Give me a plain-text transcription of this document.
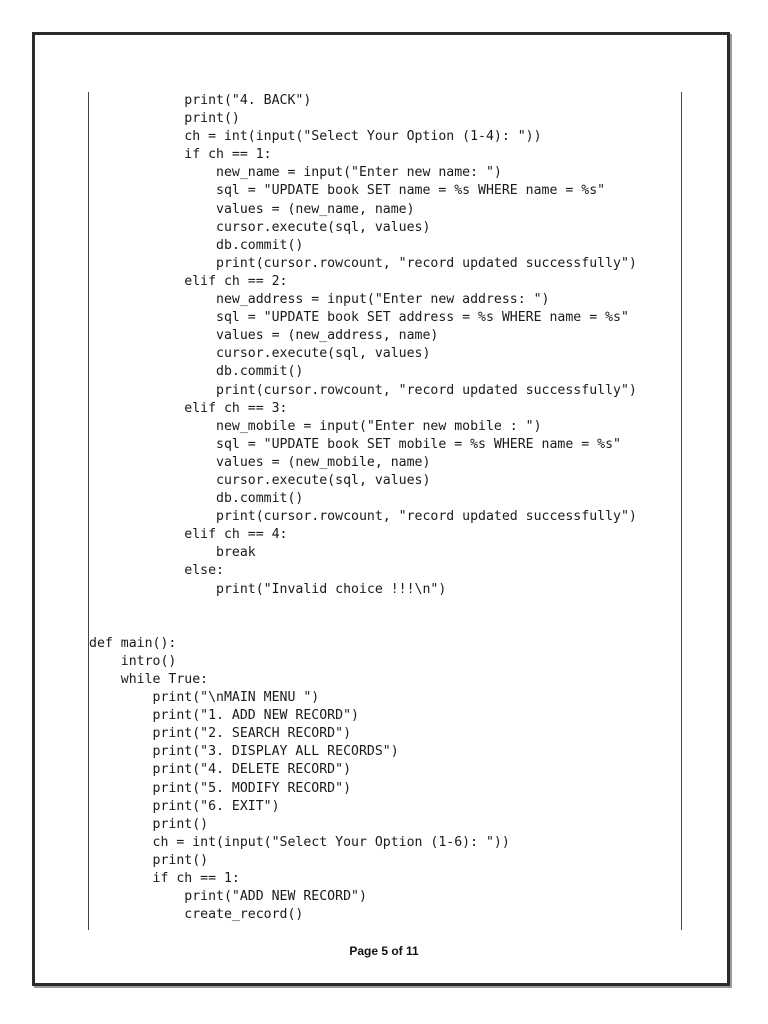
print("4. BACK")
print()
ch = int(input("Select Your Option (1-4): "))
if ch == 1:
new_name = input("Enter new name: ")
sql = "UPDATE book SET name = %s WHERE name = %s"
values = (new_name, name)
cursor.execute(sql, values)
db.commit()
print(cursor.rowcount, "record updated successfully")
elif ch == 2:
new_address = input("Enter new address: ")
sql = "UPDATE book SET address = %s WHERE name = %s"
values = (new_address, name)
cursor.execute(sql, values)
db.commit()
print(cursor.rowcount, "record updated successfully")
elif ch == 3:
new_mobile = input("Enter new mobile : ")
sql = "UPDATE book SET mobile = %s WHERE name = %s"
values = (new_mobile, name)
cursor.execute(sql, values)
db.commit()
print(cursor.rowcount, "record updated successfully")
elif ch == 4:
break
else:
print("Invalid choice !!!\n")
def main():
intro()
while True:
print("\nMAIN MENU ")
print("1. ADD NEW RECORD")
print("2. SEARCH RECORD")
print("3. DISPLAY ALL RECORDS")
print("4. DELETE RECORD")
print("5. MODIFY RECORD")
print("6. EXIT")
print()
ch = int(input("Select Your Option (1-6): "))
print()
if ch == 1:
print("ADD NEW RECORD")
create_record()
Page 5 of 11
